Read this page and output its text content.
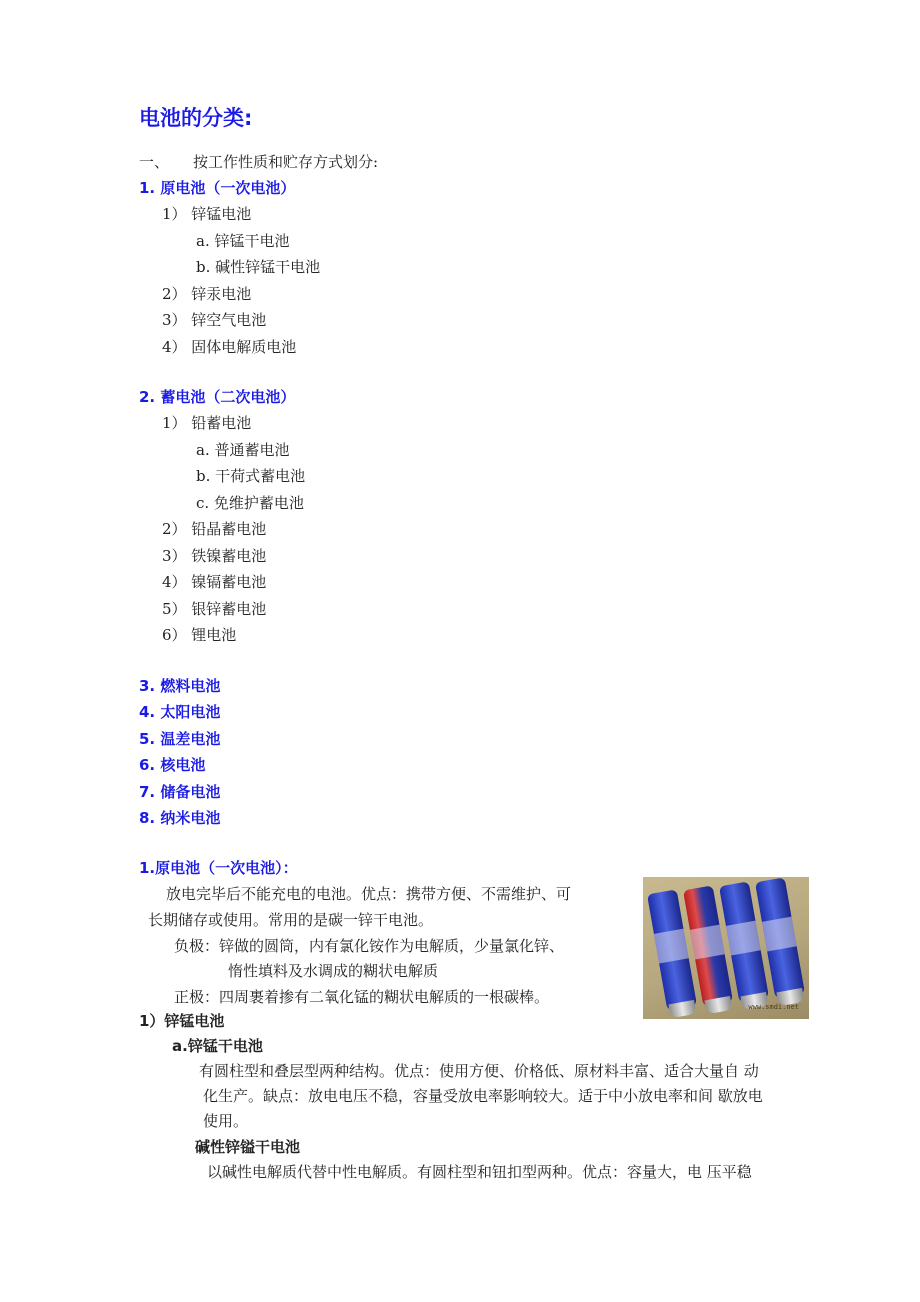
电池的分类:
一、 按工作性质和贮存方式划分:
1. 原电池（一次电池）
1） 锌锰电池
a. 锌锰干电池
b. 碱性锌锰干电池
2） 锌汞电池
3） 锌空气电池
4） 固体电解质电池
2. 蓄电池（二次电池）
1） 铅蓄电池
a. 普通蓄电池
b. 干荷式蓄电池
c. 免维护蓄电池
2） 铅晶蓄电池
3） 铁镍蓄电池
4） 镍镉蓄电池
5） 银锌蓄电池
6） 锂电池
3. 燃料电池
4. 太阳电池
5. 温差电池
6. 核电池
7. 储备电池
8. 纳米电池
1.原电池（一次电池）：
放电完毕后不能充电的电池。优点：携带方便、不需维护、可
长期储存或使用。常用的是碳一锌干电池。
负极：锌做的圆筒，内有氯化铵作为电解质，少量氯化锌、
惰性填料及水调成的糊状电解质
正极：四周裹着掺有二氧化锰的糊状电解质的一根碳棒。
www.smdi.net
1）锌锰电池
a.锌锰干电池
有圆柱型和叠层型两种结构。优点：使用方便、价格低、原材料丰富、适合大量自 动
化生产。缺点：放电电压不稳，容量受放电率影响较大。适于中小放电率和间 歇放电
使用。
碱性锌镒干电池
以碱性电解质代替中性电解质。有圆柱型和钮扣型两种。优点：容量大，电 压平稳
